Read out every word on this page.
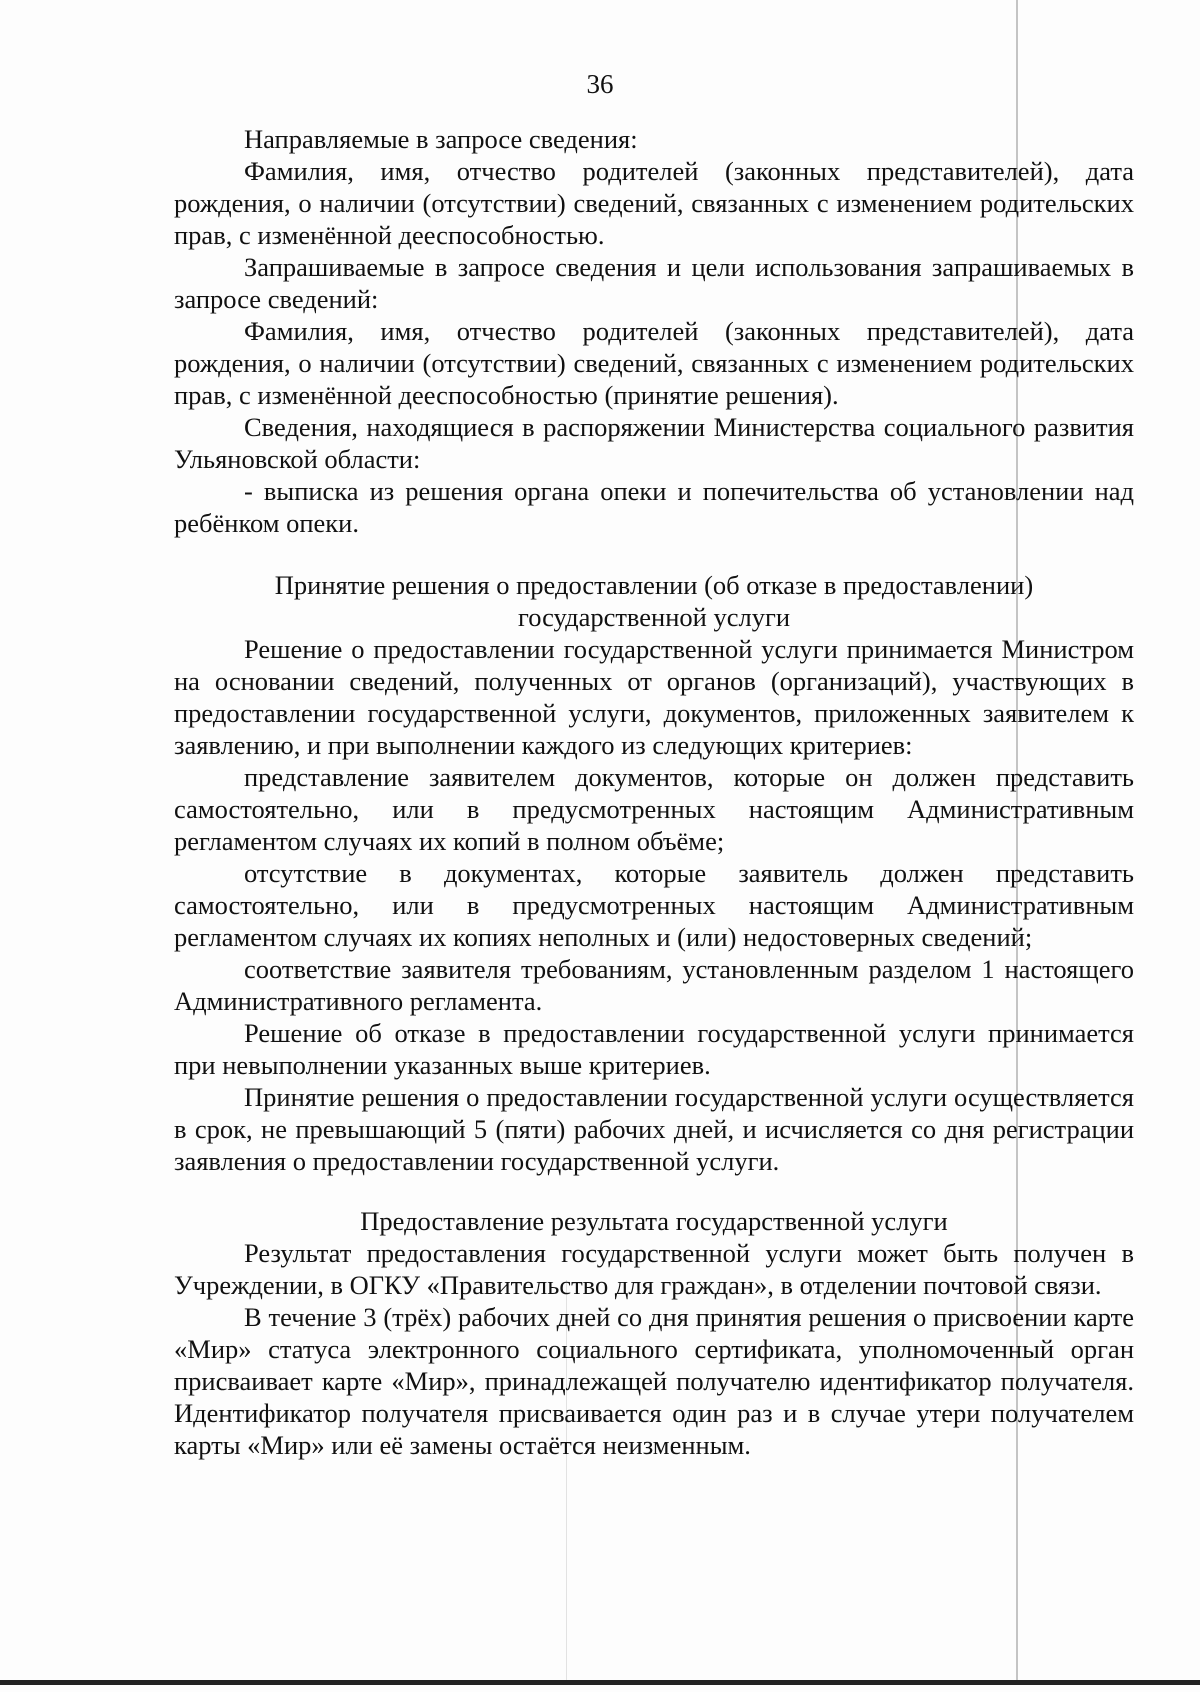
36

Направляемые в запросе сведения:

Фамилия, имя, отчество родителей (законных представителей), дата рождения, о наличии (отсутствии) сведений, связанных с изменением родительских прав, с изменённой дееспособностью.

Запрашиваемые в запросе сведения и цели использования запрашиваемых в запросе сведений:

Фамилия, имя, отчество родителей (законных представителей), дата рождения, о наличии (отсутствии) сведений, связанных с изменением родительских прав, с изменённой дееспособностью (принятие решения).

Сведения, находящиеся в распоряжении Министерства социального развития Ульяновской области:

- выписка из решения органа опеки и попечительства об установлении над ребёнком опеки.

Принятие решения о предоставлении (об отказе в предоставлении) государственной услуги

Решение о предоставлении государственной услуги принимается Министром на основании сведений, полученных от органов (организаций), участвующих в предоставлении государственной услуги, документов, приложенных заявителем к заявлению, и при выполнении каждого из следующих критериев:

представление заявителем документов, которые он должен представить самостоятельно, или в предусмотренных настоящим Административным регламентом случаях их копий в полном объёме;

отсутствие в документах, которые заявитель должен представить самостоятельно, или в предусмотренных настоящим Административным регламентом случаях их копиях неполных и (или) недостоверных сведений;

соответствие заявителя требованиям, установленным разделом 1 настоящего Административного регламента.

Решение об отказе в предоставлении государственной услуги принимается при невыполнении указанных выше критериев.

Принятие решения о предоставлении государственной услуги осуществляется в срок, не превышающий 5 (пяти) рабочих дней, и исчисляется со дня регистрации заявления о предоставлении государственной услуги.

Предоставление результата государственной услуги

Результат предоставления государственной услуги может быть получен в Учреждении, в ОГКУ «Правительство для граждан», в отделении почтовой связи.

В течение 3 (трёх) рабочих дней со дня принятия решения о присвоении карте «Мир» статуса электронного социального сертификата, уполномоченный орган присваивает карте «Мир», принадлежащей получателю идентификатор получателя. Идентификатор получателя присваивается один раз и в случае утери получателем карты «Мир» или её замены остаётся неизменным.
